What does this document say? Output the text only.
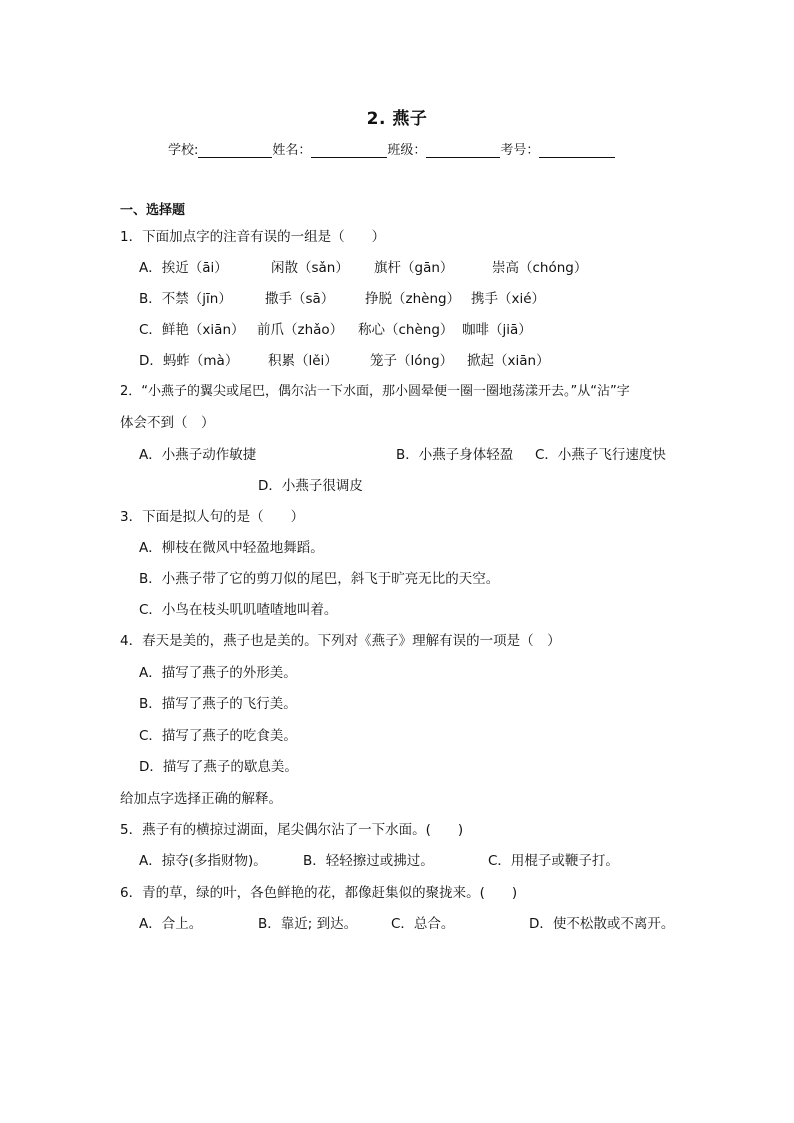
2. 燕子
学校:	姓名：	班级：	考号：
一、选择题
1．下面加点字的注音有误的一组是（　　）
A．挨近（āi）	闲散（sǎn） 旗杆（gān）	崇高（chóng）
B．不禁（jīn） 撒手（sā） 挣脱（zhèng） 携手（xié）
C．鲜艳（xiān） 前爪（zhǎo） 称心（chèng） 咖啡（jiā）
D．蚂蚱（mà） 积累（lěi） 笼子（lóng） 掀起（xiān）
2．“小燕子的翼尖或尾巴，偶尔沾一下水面，那小圆晕便一圈一圈地荡漾开去。”从“沾”字
体会不到（　）
A．小燕子动作敏捷	B．小燕子身体轻盈 C．小燕子飞行速度快
D．小燕子很调皮
3．下面是拟人句的是（　　）
A．柳枝在微风中轻盈地舞蹈。
B．小燕子带了它的剪刀似的尾巴，斜飞于旷亮无比的天空。
C．小鸟在枝头叽叽喳喳地叫着。
4．春天是美的，燕子也是美的。下列对《燕子》理解有误的一项是（　）
A．描写了燕子的外形美。
B．描写了燕子的飞行美。
C．描写了燕子的吃食美。
D．描写了燕子的歇息美。
给加点字选择正确的解释。
5．燕子有的横掠过湖面，尾尖偶尔沾了一下水面。(　　)
A．掠夺(多指财物)。	B．轻轻擦过或拂过。	C．用棍子或鞭子打。
6．青的草，绿的叶，各色鲜艳的花，都像赶集似的聚拢来。(　　)
A．合上。	B．靠近; 到达。	C．总合。	D．使不松散或不离开。
